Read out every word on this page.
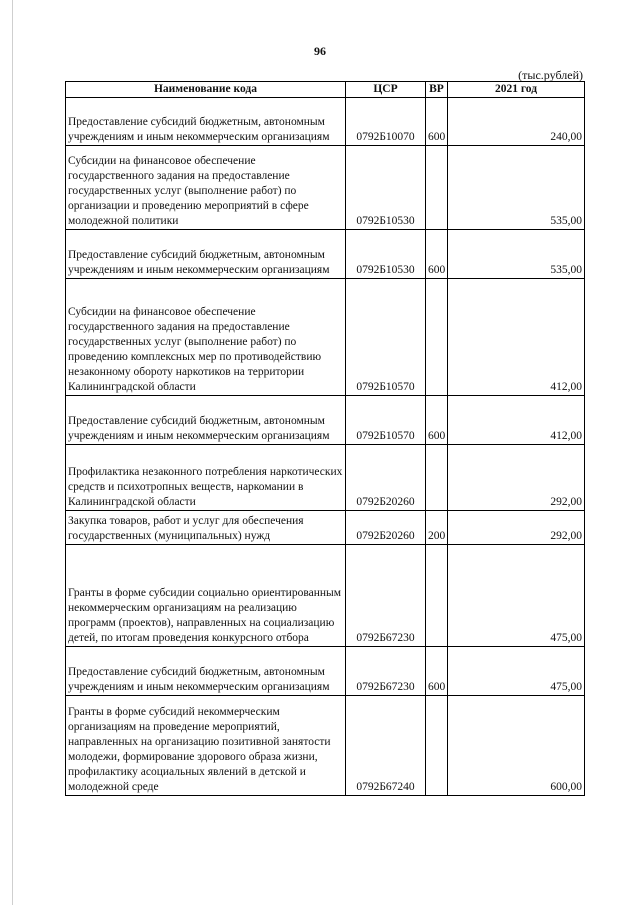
96
(тыс.рублей)
Наименование кода	ЦСР	ВР	2021 год
Предоставление субсидий бюджетным, автономным учреждениям и иным некоммерческим организациям	0792Б10070	600	240,00
Субсидии на финансовое обеспечение государственного задания на предоставление государственных услуг (выполнение работ) по организации и проведению мероприятий в сфере молодежной политики	0792Б10530		535,00
Предоставление субсидий бюджетным, автономным учреждениям и иным некоммерческим организациям	0792Б10530	600	535,00
Субсидии на финансовое обеспечение государственного задания на предоставление государственных услуг (выполнение работ) по проведению комплексных мер по противодействию незаконному обороту наркотиков на территории Калининградской области	0792Б10570		412,00
Предоставление субсидий бюджетным, автономным учреждениям и иным некоммерческим организациям	0792Б10570	600	412,00
Профилактика незаконного потребления наркотических средств и психотропных веществ, наркомании в Калининградской области	0792Б20260		292,00
Закупка товаров, работ и услуг для обеспечения государственных (муниципальных) нужд	0792Б20260	200	292,00
Гранты в форме субсидии социально ориентированным некоммерческим организациям на реализацию программ (проектов), направленных на социализацию детей, по итогам проведения конкурсного отбора	0792Б67230		475,00
Предоставление субсидий бюджетным, автономным учреждениям и иным некоммерческим организациям	0792Б67230	600	475,00
Гранты в форме субсидий некоммерческим организациям на проведение мероприятий, направленных на организацию позитивной занятости молодежи, формирование здорового образа жизни, профилактику асоциальных явлений в детской и молодежной среде	0792Б67240		600,00
